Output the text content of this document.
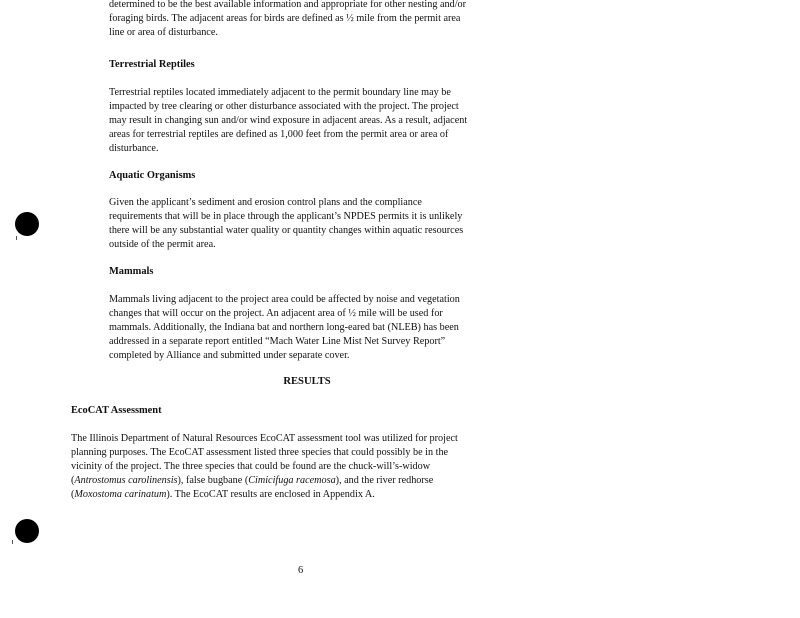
determined to be the best available information and appropriate for other nesting and/or
foraging birds. The adjacent areas for birds are defined as ½ mile from the permit area
line or area of disturbance.

Terrestrial Reptiles

Terrestrial reptiles located immediately adjacent to the permit boundary line may be
impacted by tree clearing or other disturbance associated with the project. The project
may result in changing sun and/or wind exposure in adjacent areas. As a result, adjacent
areas for terrestrial reptiles are defined as 1,000 feet from the permit area or area of
disturbance.

Aquatic Organisms

Given the applicant’s sediment and erosion control plans and the compliance
requirements that will be in place through the applicant’s NPDES permits it is unlikely
there will be any substantial water quality or quantity changes within aquatic resources
outside of the permit area.

Mammals

Mammals living adjacent to the project area could be affected by noise and vegetation
changes that will occur on the project. An adjacent area of ½ mile will be used for
mammals. Additionally, the Indiana bat and northern long-eared bat (NLEB) has been
addressed in a separate report entitled “Mach Water Line Mist Net Survey Report”
completed by Alliance and submitted under separate cover.

RESULTS
EcoCAT Assessment

The Illinois Department of Natural Resources EcoCAT assessment tool was utilized for project
planning purposes. The EcoCAT assessment listed three species that could possibly be in the
vicinity of the project. The three species that could be found are the chuck-will’s-widow
(Antrostomus carolinensis), false bugbane (Cimicifuga racemosa), and the river redhorse
(Moxostoma carinatum). The EcoCAT results are enclosed in Appendix A.

6
